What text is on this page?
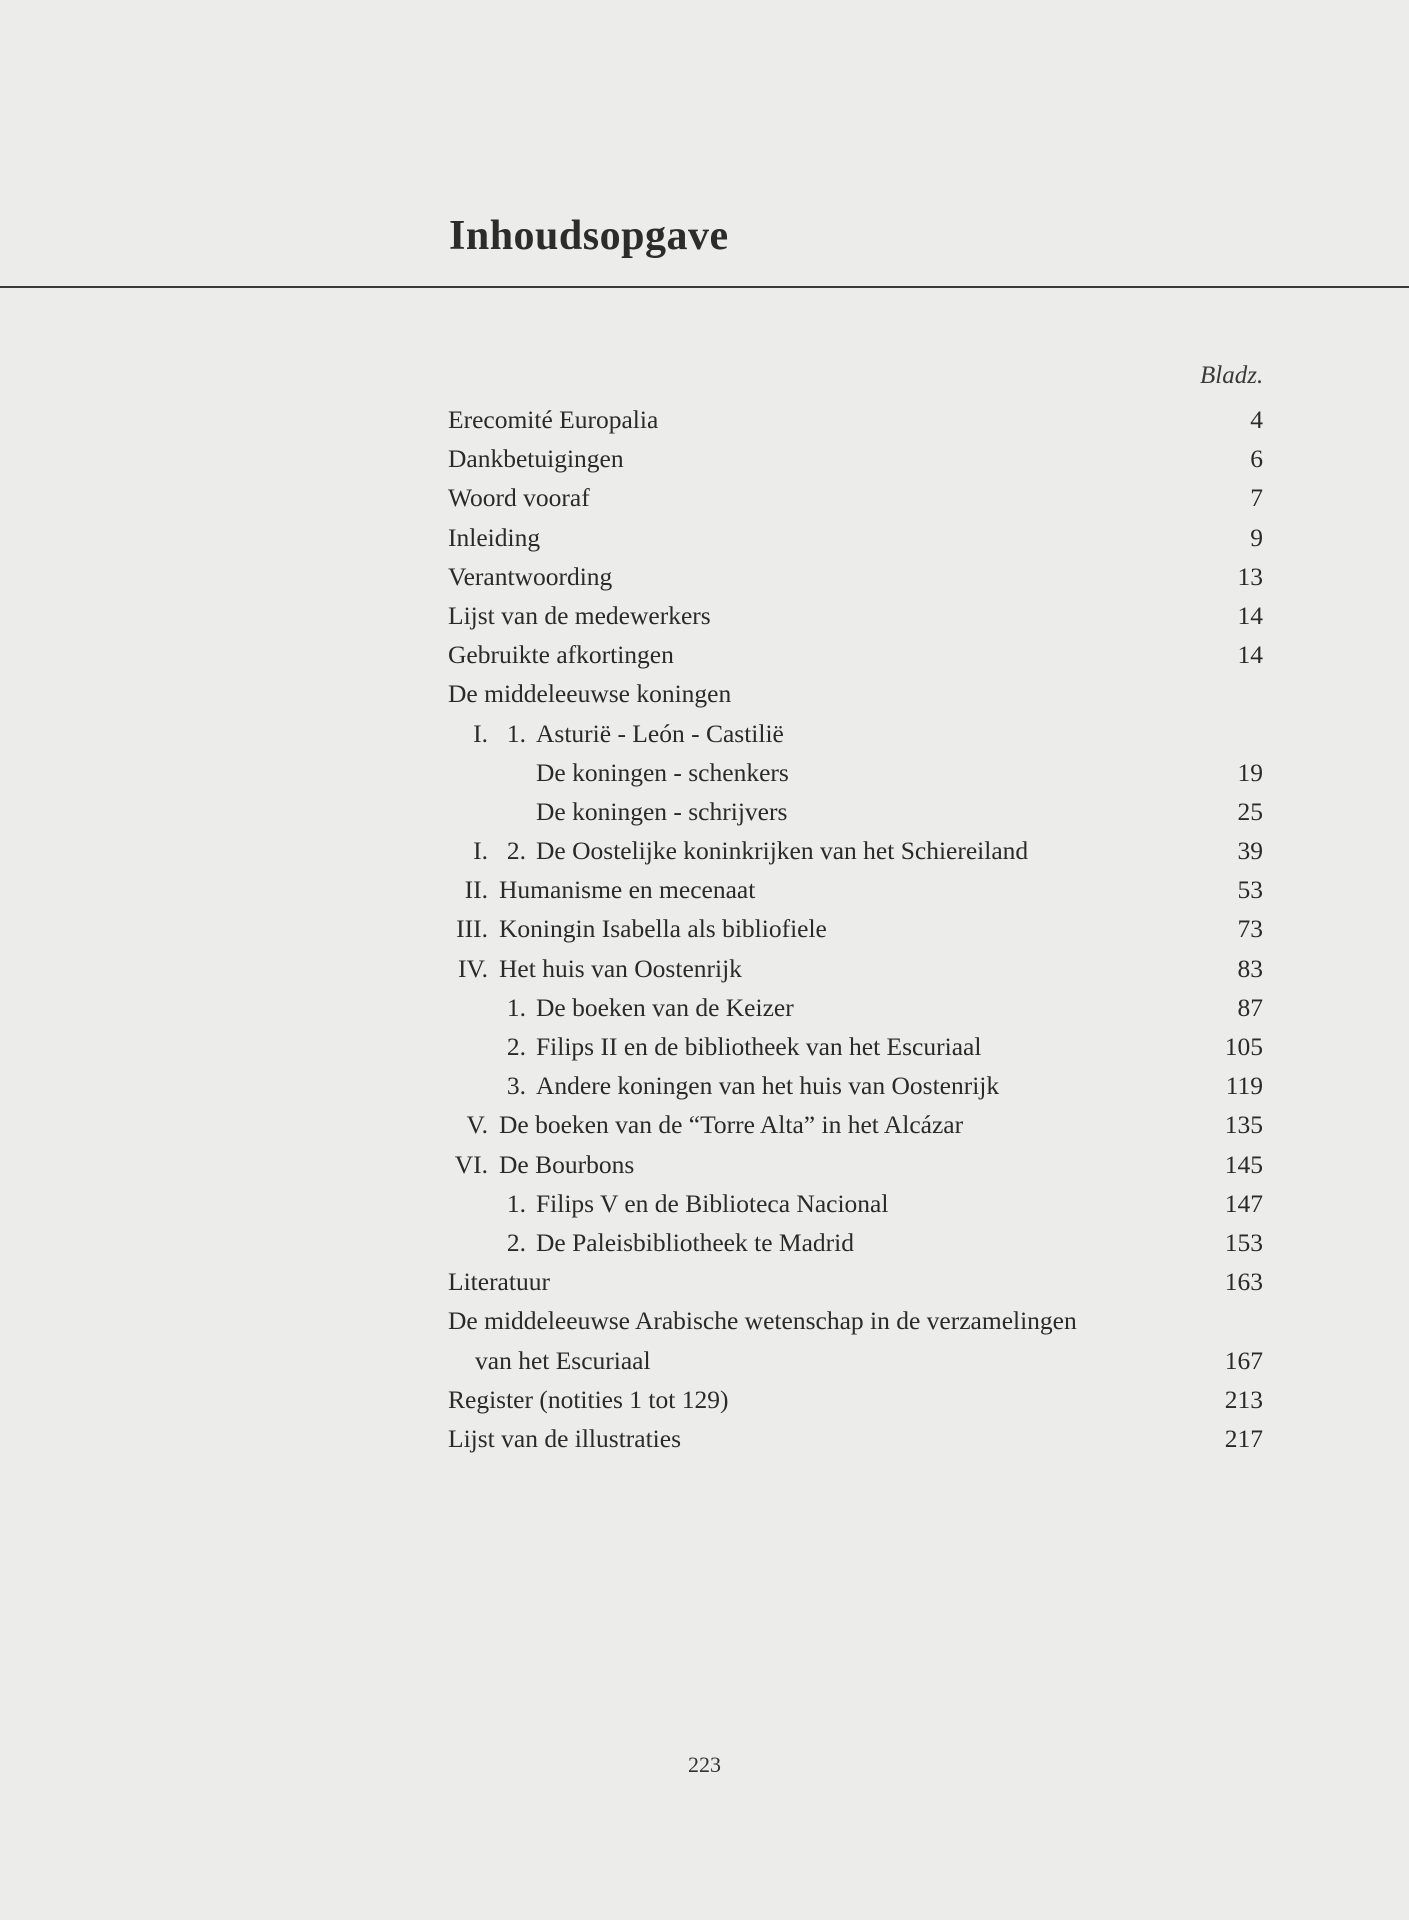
Inhoudsopgave
Bladz.
Erecomité Europalia	4
Dankbetuigingen	6
Woord vooraf	7
Inleiding	9
Verantwoording	13
Lijst van de medewerkers	14
Gebruikte afkortingen	14
De middeleeuwse koningen
I. 1. Asturië - León - Castilië
De koningen - schenkers	19
De koningen - schrijvers	25
I. 2. De Oostelijke koninkrijken van het Schiereiland	39
II. Humanisme en mecenaat	53
III. Koningin Isabella als bibliofiele	73
IV. Het huis van Oostenrijk	83
1. De boeken van de Keizer	87
2. Filips II en de bibliotheek van het Escuriaal	105
3. Andere koningen van het huis van Oostenrijk	119
V. De boeken van de “Torre Alta” in het Alcázar	135
VI. De Bourbons	145
1. Filips V en de Biblioteca Nacional	147
2. De Paleisbibliotheek te Madrid	153
Literatuur	163
De middeleeuwse Arabische wetenschap in de verzamelingen
van het Escuriaal	167
Register (notities 1 tot 129)	213
Lijst van de illustraties	217
223
